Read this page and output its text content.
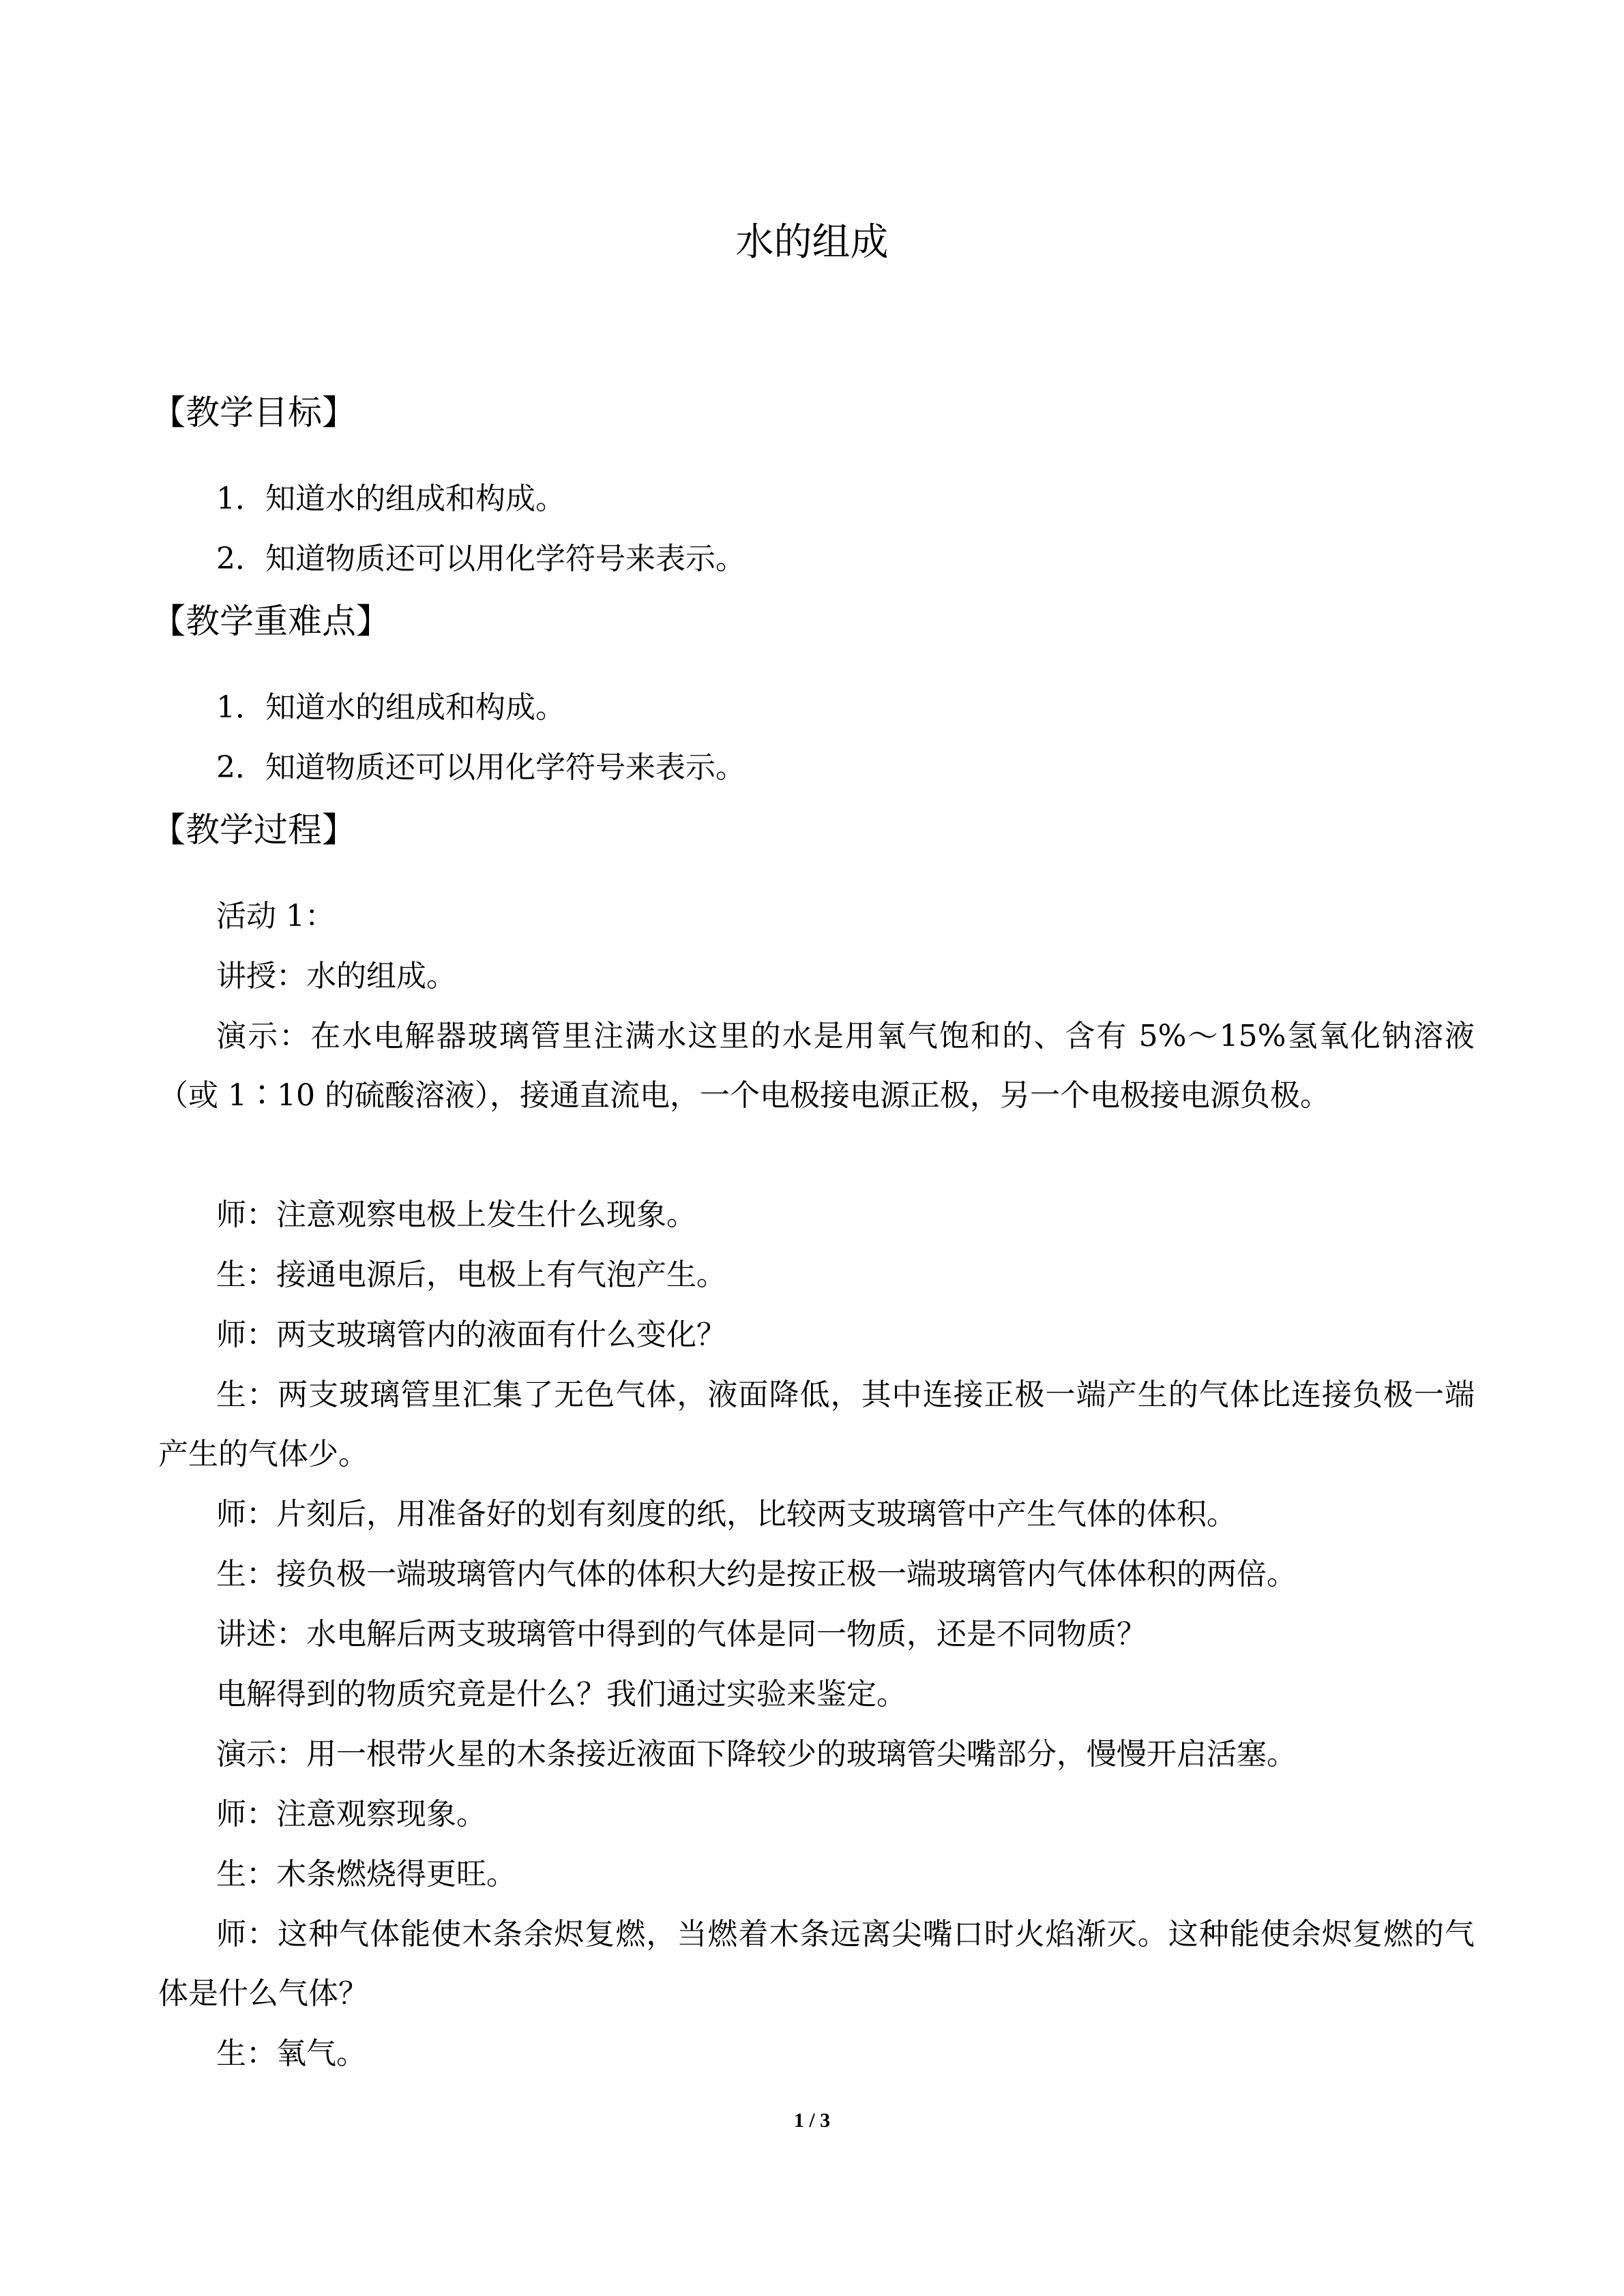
水的组成
【教学目标】
1．知道水的组成和构成。
2．知道物质还可以用化学符号来表示。
【教学重难点】
1．知道水的组成和构成。
2．知道物质还可以用化学符号来表示。
【教学过程】
活动 1：
讲授：水的组成。
演示：在水电解器玻璃管里注满水这里的水是用氧气饱和的、含有 5%～15%氢氧化钠溶液（或 1∶10 的硫酸溶液），接通直流电，一个电极接电源正极，另一个电极接电源负极。
师：注意观察电极上发生什么现象。
生：接通电源后，电极上有气泡产生。
师：两支玻璃管内的液面有什么变化？
生：两支玻璃管里汇集了无色气体，液面降低，其中连接正极一端产生的气体比连接负极一端产生的气体少。
师：片刻后，用准备好的划有刻度的纸，比较两支玻璃管中产生气体的体积。
生：接负极一端玻璃管内气体的体积大约是按正极一端玻璃管内气体体积的两倍。
讲述：水电解后两支玻璃管中得到的气体是同一物质，还是不同物质？
电解得到的物质究竟是什么？我们通过实验来鉴定。
演示：用一根带火星的木条接近液面下降较少的玻璃管尖嘴部分，慢慢开启活塞。
师：注意观察现象。
生：木条燃烧得更旺。
师：这种气体能使木条余烬复燃，当燃着木条远离尖嘴口时火焰渐灭。这种能使余烬复燃的气体是什么气体？
生：氧气。
1 / 3
